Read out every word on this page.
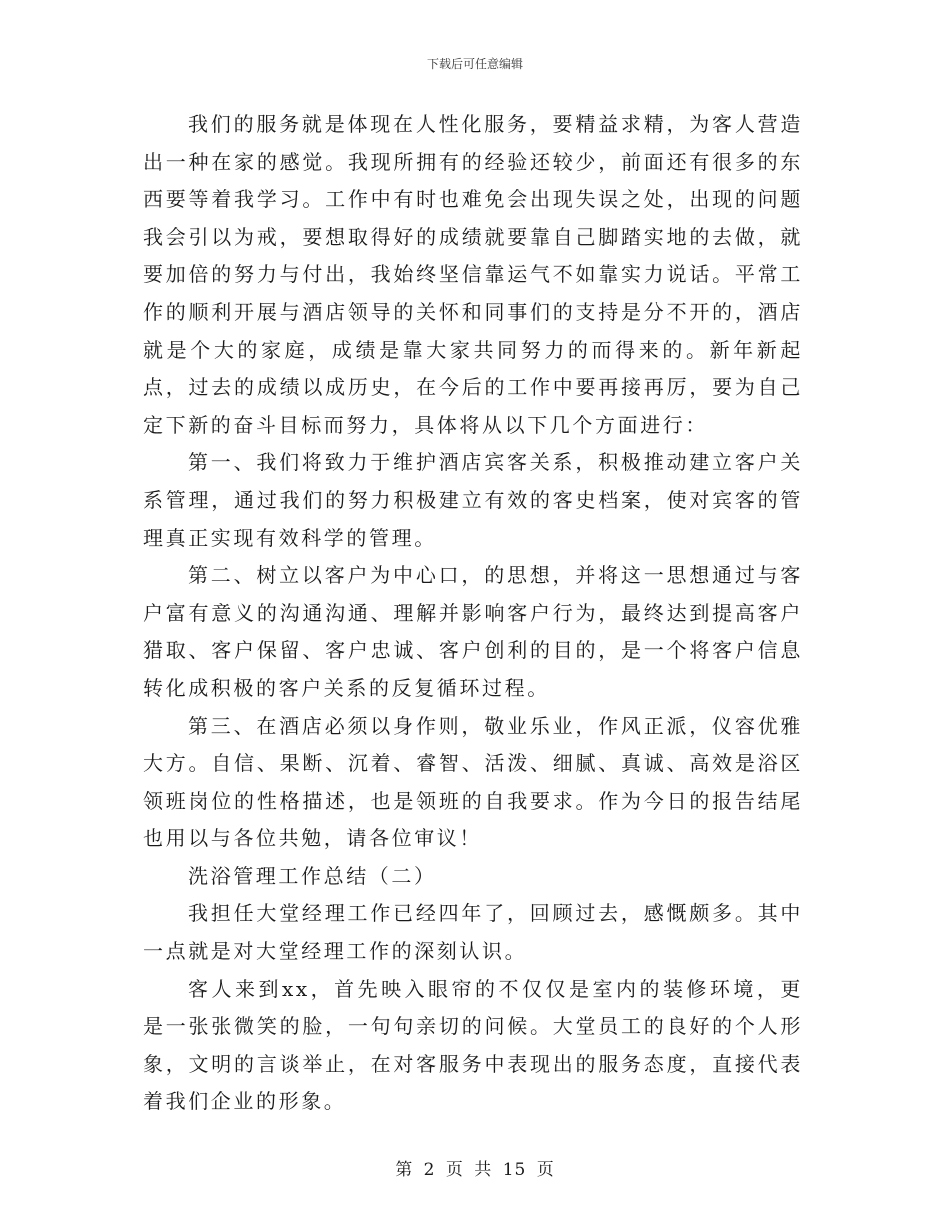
下载后可任意编辑

我们的服务就是体现在人性化服务，要精益求精，为客人营造出一种在家的感觉。我现所拥有的经验还较少，前面还有很多的东西要等着我学习。工作中有时也难免会出现失误之处，出现的问题我会引以为戒，要想取得好的成绩就要靠自己脚踏实地的去做，就要加倍的努力与付出，我始终坚信靠运气不如靠实力说话。平常工作的顺利开展与酒店领导的关怀和同事们的支持是分不开的，酒店就是个大的家庭，成绩是靠大家共同努力的而得来的。新年新起点，过去的成绩以成历史，在今后的工作中要再接再厉，要为自己定下新的奋斗目标而努力，具体将从以下几个方面进行：

第一、我们将致力于维护酒店宾客关系，积极推动建立客户关系管理，通过我们的努力积极建立有效的客史档案，使对宾客的管理真正实现有效科学的管理。

第二、树立以客户为中心口，的思想，并将这一思想通过与客户富有意义的沟通沟通、理解并影响客户行为，最终达到提高客户猎取、客户保留、客户忠诚、客户创利的目的，是一个将客户信息转化成积极的客户关系的反复循环过程。

第三、在酒店必须以身作则，敬业乐业，作风正派，仪容优雅大方。自信、果断、沉着、睿智、活泼、细腻、真诚、高效是浴区领班岗位的性格描述，也是领班的自我要求。作为今日的报告结尾也用以与各位共勉，请各位审议！

洗浴管理工作总结（二）

我担任大堂经理工作已经四年了，回顾过去，感慨颇多。其中一点就是对大堂经理工作的深刻认识。

客人来到xx，首先映入眼帘的不仅仅是室内的装修环境，更是一张张微笑的脸，一句句亲切的问候。大堂员工的良好的个人形象，文明的言谈举止，在对客服务中表现出的服务态度，直接代表着我们企业的形象。

第 2 页 共 15 页
